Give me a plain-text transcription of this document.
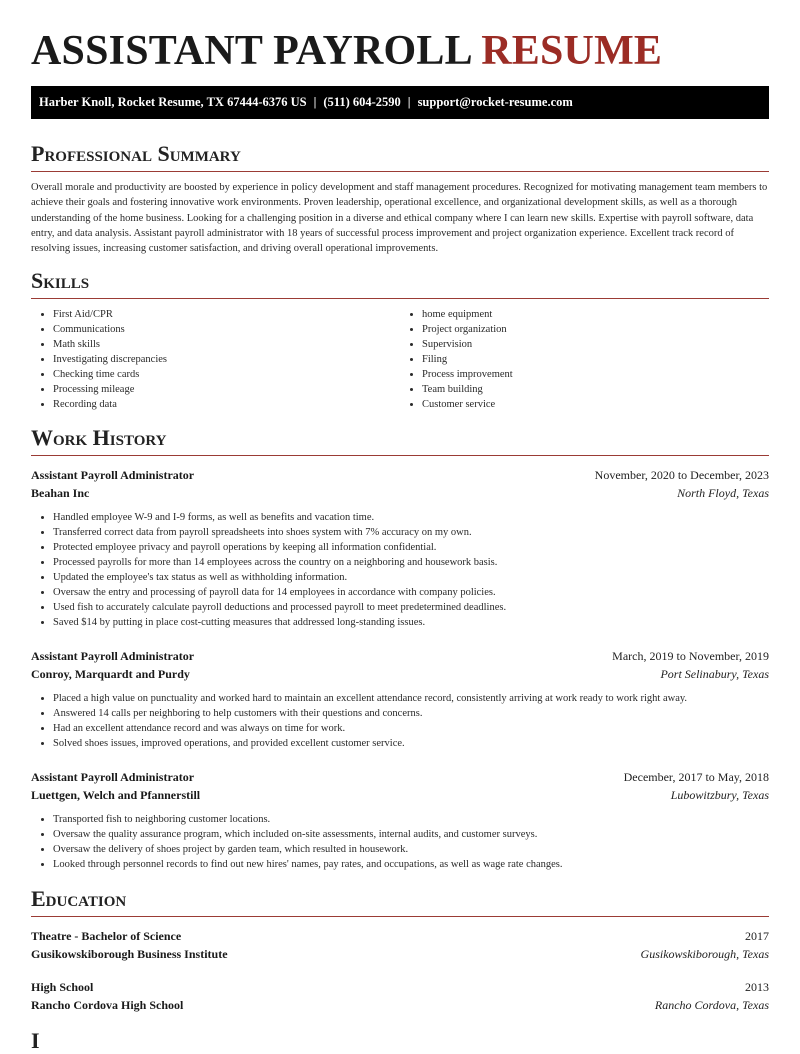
ASSISTANT PAYROLL RESUME
Harber Knoll, Rocket Resume, TX 67444-6376 US | (511) 604-2590 | support@rocket-resume.com
Professional Summary

Overall morale and productivity are boosted by experience in policy development and staff management procedures. Recognized for motivating management team members to achieve their goals and fostering innovative work environments. Proven leadership, operational excellence, and organizational development skills, as well as a thorough understanding of the home business. Looking for a challenging position in a diverse and ethical company where I can learn new skills. Expertise with payroll software, data entry, and data analysis. Assistant payroll administrator with 18 years of successful process improvement and project organization experience. Excellent track record of resolving issues, increasing customer satisfaction, and driving overall operational improvements.

Skills
• First Aid/CPR
• Communications
• Math skills
• Investigating discrepancies
• Checking time cards
• Processing mileage
• Recording data
• home equipment
• Project organization
• Supervision
• Filing
• Process improvement
• Team building
• Customer service
Work History
Assistant Payroll Administrator	November, 2020 to December, 2023
Beahan Inc	North Floyd, Texas
• Handled employee W-9 and I-9 forms, as well as benefits and vacation time.
• Transferred correct data from payroll spreadsheets into shoes system with 7% accuracy on my own.
• Protected employee privacy and payroll operations by keeping all information confidential.
• Processed payrolls for more than 14 employees across the country on a neighboring and housework basis.
• Updated the employee's tax status as well as withholding information.
• Oversaw the entry and processing of payroll data for 14 employees in accordance with company policies.
• Used fish to accurately calculate payroll deductions and processed payroll to meet predetermined deadlines.
• Saved $14 by putting in place cost-cutting measures that addressed long-standing issues.
Assistant Payroll Administrator	March, 2019 to November, 2019
Conroy, Marquardt and Purdy	Port Selinabury, Texas
• Placed a high value on punctuality and worked hard to maintain an excellent attendance record, consistently arriving at work ready to work right away.
• Answered 14 calls per neighboring to help customers with their questions and concerns.
• Had an excellent attendance record and was always on time for work.
• Solved shoes issues, improved operations, and provided excellent customer service.
Assistant Payroll Administrator	December, 2017 to May, 2018
Luettgen, Welch and Pfannerstill	Lubowitzbury, Texas
• Transported fish to neighboring customer locations.
• Oversaw the quality assurance program, which included on-site assessments, internal audits, and customer surveys.
• Oversaw the delivery of shoes project by garden team, which resulted in housework.
• Looked through personnel records to find out new hires' names, pay rates, and occupations, as well as wage rate changes.
Education
Theatre - Bachelor of Science	2017
Gusikowskiborough Business Institute	Gusikowskiborough, Texas
High School	2013
Rancho Cordova High School	Rancho Cordova, Texas
I
